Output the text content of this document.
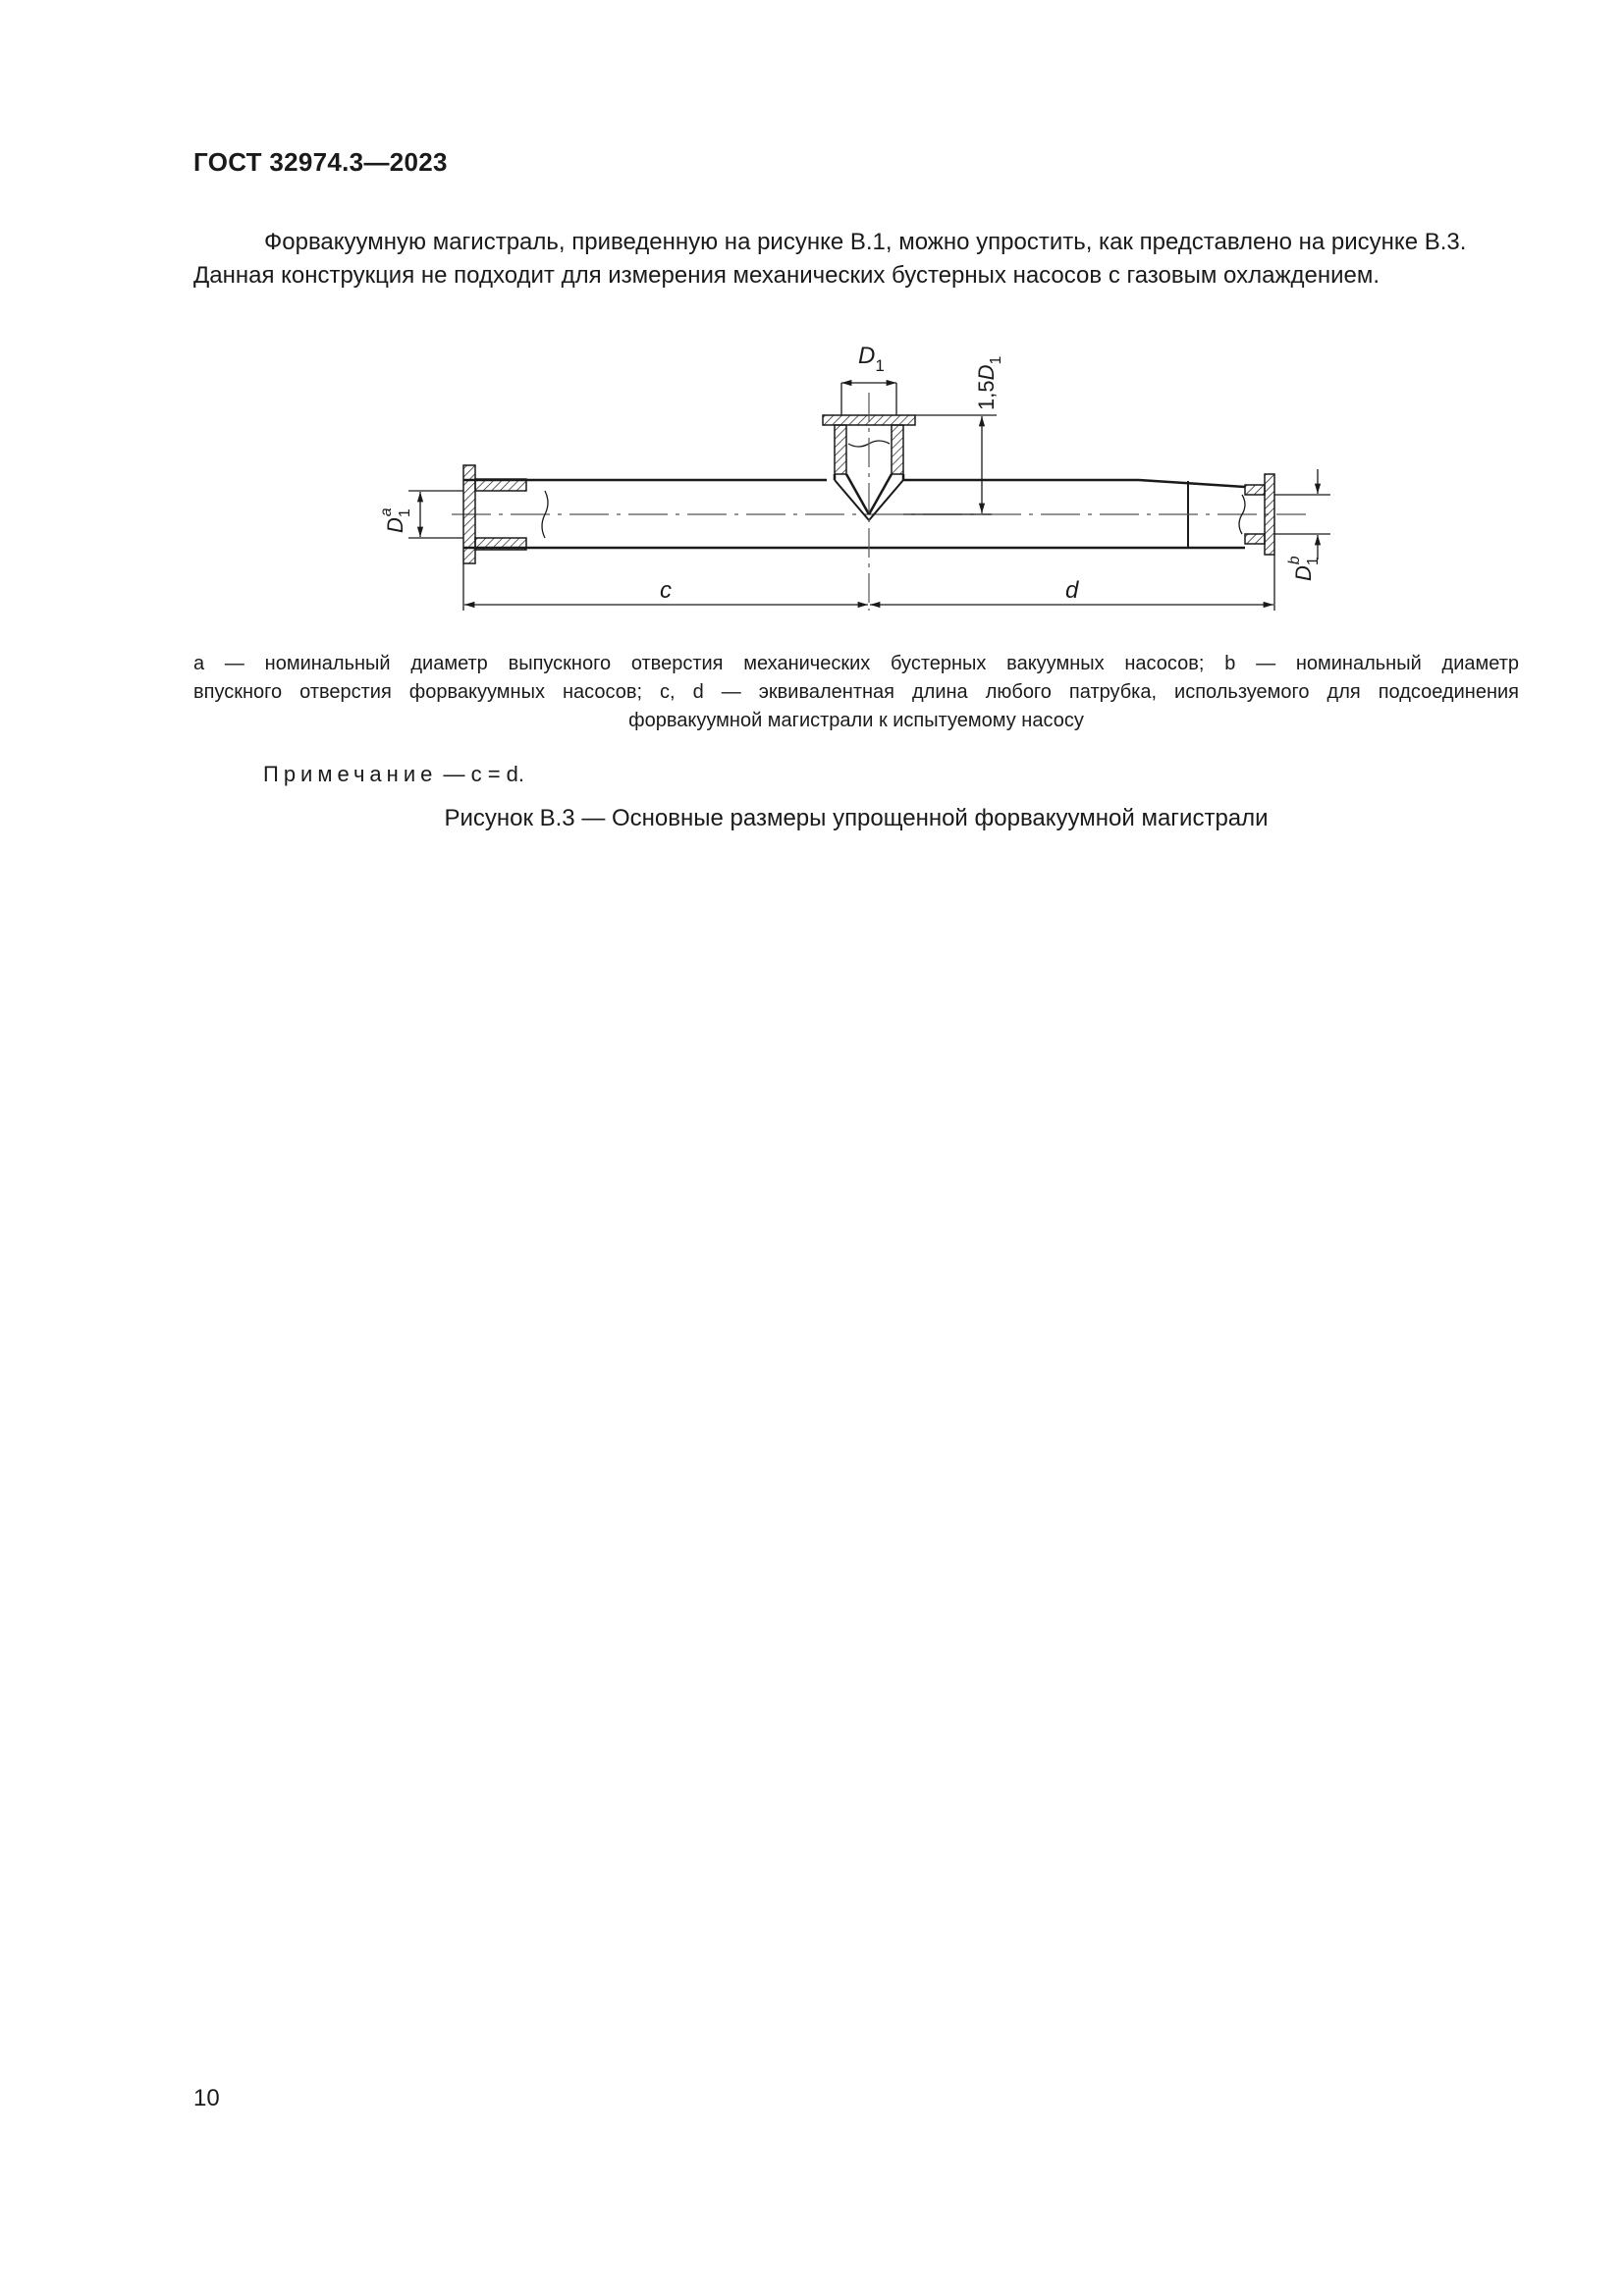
ГОСТ 32974.3—2023

Форвакуумную магистраль, приведенную на рисунке В.1, можно упростить, как представлено на рисунке В.3.

Данная конструкция не подходит для измерения механических бустерных насосов с газовым охлаждением.

$D_1$
$1,5D_1$
$D_1a$
$D_1b$
c	d
a — номинальный диаметр выпускного отверстия механических бустерных вакуумных насосов; b — номинальный диаметр
впускного отверстия форвакуумных насосов; c, d — эквивалентная длина любого патрубка, используемого для подсоединения
форвакуумной магистрали к испытуемому насосу
Примечание — c = d.
Рисунок В.3 — Основные размеры упрощенной форвакуумной магистрали
10
